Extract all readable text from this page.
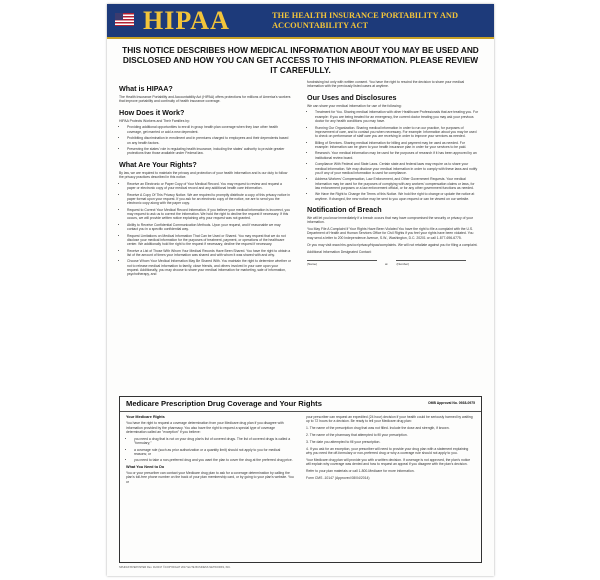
HIPAA	THE HEALTH INSURANCE PORTABILITY AND ACCOUNTABILITY ACT
THIS NOTICE DESCRIBES HOW MEDICAL INFORMATION ABOUT YOU MAY BE USED AND DISCLOSED AND HOW YOU CAN GET ACCESS TO THIS INFORMATION. PLEASE REVIEW IT CAREFULLY.
What is HIPAA?

The Health Insurance Portability and Accountability Act (HIPAA) offers protections for millions of America's workers that improve portability and continuity of health insurance coverage.

How Does it Work?

HIPAA Protects Workers and Their Families by:

• Providing additional opportunities to enroll in group health plan coverage when they lose other health coverage, get married or add a new dependent.
• Prohibiting discrimination in enrollment and in premiums charged to employees and their dependents based on any health factors.
• Preserving the states' role in regulating health insurance, including the states' authority to provide greater protections than those available under Federal law.
What Are Your Rights?

By law, we are required to maintain the privacy and protection of your health information and is our duty to follow the privacy practices described in this notice.

• Receive an Electronic or Paper Copy of Your Medical Record. You may request to review and request a paper or electronic copy of your medical record and any additional health care information.
• Receive A Copy Of This Privacy Notice. We are required to promptly distribute a copy of this privacy notice in paper format upon your request. If you ask for an electronic copy of the notice, we are to send you the electronic copy along with the paper copy.
• Request to Correct Your Medical Record Information. If you believe your medical information is incorrect, you may request to ask us to correct the information. We hold the right to decline the request if necessary. If this occurs, we will provide written notice explaining why your request was not granted.
• Ability to Receive Confidential Communication Methods. Upon your request, and if reasonable we may contact you in a specific confidential way.
• Request Limitations on Medical Information That Can be Used or Shared. You may request that we do not disclose your medical information for the purposes of treatment, payment, or operations of the healthcare center. We additionally hold the right to the request if necessary, decline the request if necessary.
• Receive a List of Those With Whom Your Medical Records Have Been Shared. You have the right to obtain a list of the amount of times your information was shared and with whom it was shared with and why.
• Choose Whom Your Medical Information May Be Shared With. You maintain the right to determine whether or not to release medical information to family, close friends, and others involved in your care upon your request. Additionally, you may choose to share your medical information for marketing, sale of information, psychotherapy, and

fundraising but only with written consent. You have the right to rescind the decision to share your medical information with the previously listed cases at anytime.

Our Uses and Disclosures

We can share your medical information for use of the following:

• Treatment for You. Sharing medical information with other Healthcare Professionals that are treating you. For example: If you are being treated for an emergency, the current doctor treating you may ask your previous doctor for any health conditions you may have.
• Running Our Organization. Sharing medical information in order to run our practice, for purposes of improvement of care, and to contact you when necessary. For example: Information about you may be used to check on performance of staff care you are receiving in order to improve your services as needed.
• Billing of Services. Sharing medical information for billing and payment may be used as needed. For example: Information can be given to your health insurance plan in order for your services to be paid.
• Research. Your medical information may be used for the purposes of research if it has been approved by an institutional review board.
• Compliance With Federal and State Laws. Certain state and federal laws may require us to share your medical information. We may disclose your medical information in order to comply with these laws and notify you if any of your medical information is used for compliance.
• Address Workers' Compensation, Law Enforcement, and Other Government Requests. Your medical information may be used for the purposes of complying with any workers' compensation claims or laws, for law enforcement purposes or a law enforcement official, or for any other government functions as needed.
• We Have the Right to Change the Terms of this Notice. We hold the right to change or update the notice at anytime. If changed, the new notice may be sent to you upon request or can be viewed on our website.
Notification of Breach

We will let you know immediately if a breach occurs that may have compromised the security or privacy of your information.

You May File A Complaint If Your Rights Have Been Violated You have the right to file a complaint with the U.S. Department of Health and Human Services Office for Civil Rights if you feel your rights have been violated. You may send a letter to 200 Independence Avenue, S.W., Washington, D.C. 20201 or call 1-877-696-6775.

Or you may visit www.hhs.gov/ocr/privacy/hipaa/complaints. We will not retaliate against you for filing a complaint.

Additional Information Designated Contact:

(Name)	at	(Number)
Medicare Prescription Drug Coverage and Your Rights	OMB Approval No. 0938-0975
Your Medicare Rights

You have the right to request a coverage determination from your Medicare drug plan if you disagree with information provided by the pharmacy. You also have the right to request a special type of coverage determination called an "exception" if you believe:

• you need a drug that is not on your drug plan's list of covered drugs. The list of covered drugs is called a "formulary;"
• a coverage rule (such as prior authorization or a quantity limit) should not apply to you for medical reasons; or
• you need to take a non-preferred drug and you want the plan to cover the drug at the preferred drug price.
What You Need to Do

You or your prescriber can contact your Medicare drug plan to ask for a coverage determination by calling the plan's toll-free phone number on the back of your plan membership card, or by going to your plan's website. You or

your prescriber can request an expedited (24 hour) decision if your health could be seriously harmed by waiting up to 72 hours for a decision. Be ready to tell your Medicare drug plan:

1. The name of the prescription drug that was not filled. Include the dose and strength, if known.

2. The name of the pharmacy that attempted to fill your prescription.

3. The date you attempted to fill your prescription.

4. If you ask for an exception, your prescriber will need to provide your drug plan with a statement explaining why you need the off-formulary or non-preferred drug or why a coverage rule should not apply to you.

Your Medicare drug plan will provide you with a written decision. If coverage is not approved, the plan's notice will explain why coverage was denied and how to request an appeal if you disagree with the plan's decision.

Refer to your plan materials or call 1-800-Medicare for more information.

Form CMS -10147 (Approved 08/04/2014)

NPHIIASTATEPOSTER Rev. 01/2017 ©COPYRIGHT 2017 ELITE BUSINESS NETWORKS, INC.
